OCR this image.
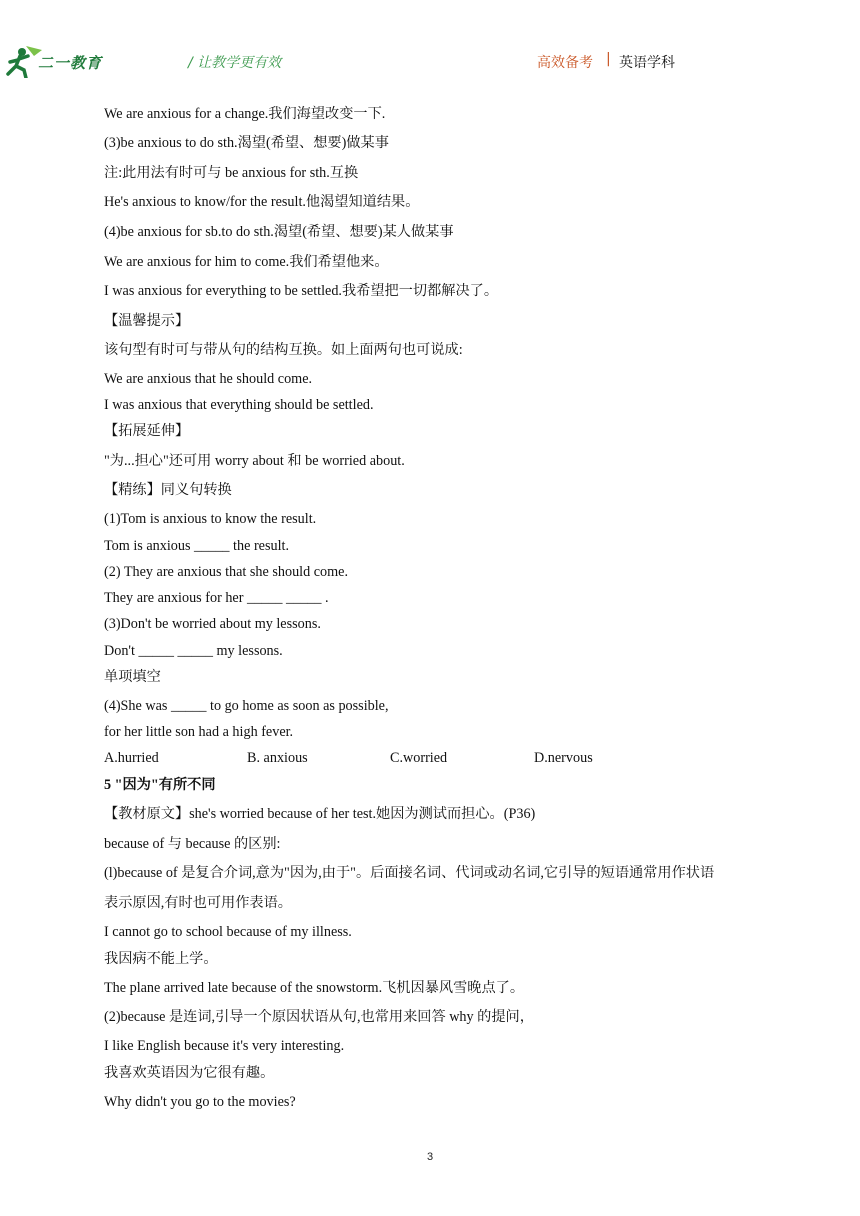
二一教育	/ 让教学更有效	高效备考 | 英语学科
We are anxious for a change.我们海望改变一下.
(3)be anxious to do sth.渴望(希望、想要)做某事
注:此用法有时可与 be anxious for sth.互换
He's anxious to know/for the result.他渴望知道结果。
(4)be anxious for sb.to do sth.渴望(希望、想要)某人做某事
We are anxious for him to come.我们希望他来。
I was anxious for everything to be settled.我希望把一切都解决了。
【温馨提示】
该句型有时可与带从句的结构互换。如上面两句也可说成:
We are anxious that he should come.
I was anxious that everything should be settled.
【拓展延伸】
"为...担心"还可用 worry about 和 be worried about.
【精练】同义句转换
(1)Tom is anxious to know the result.
Tom is anxious _____ the result.
(2) They are anxious that she should come.
They are anxious for her _____ _____ .
(3)Don't be worried about my lessons.
Don't _____ _____ my lessons.
单项填空
(4)She was _____ to go home as soon as possible,
for her little son had a high fever.
A.hurried	B. anxious	C.worried	D.nervous
5 "因为"有所不同
【教材原文】she's worried because of her test.她因为测试而担心。(P36)
because of 与 because 的区别:
(l)because of 是复合介词,意为"因为,由于"。后面接名词、代词或动名词,它引导的短语通常用作状语
表示原因,有时也可用作表语。
I cannot go to school because of my illness.
我因病不能上学。
The plane arrived late because of the snowstorm.飞机因暴风雪晚点了。
(2)because 是连词,引导一个原因状语从句,也常用来回答 why 的提问，
I like English because it's very interesting.
我喜欢英语因为它很有趣。
Why didn't you go to the movies?
3
